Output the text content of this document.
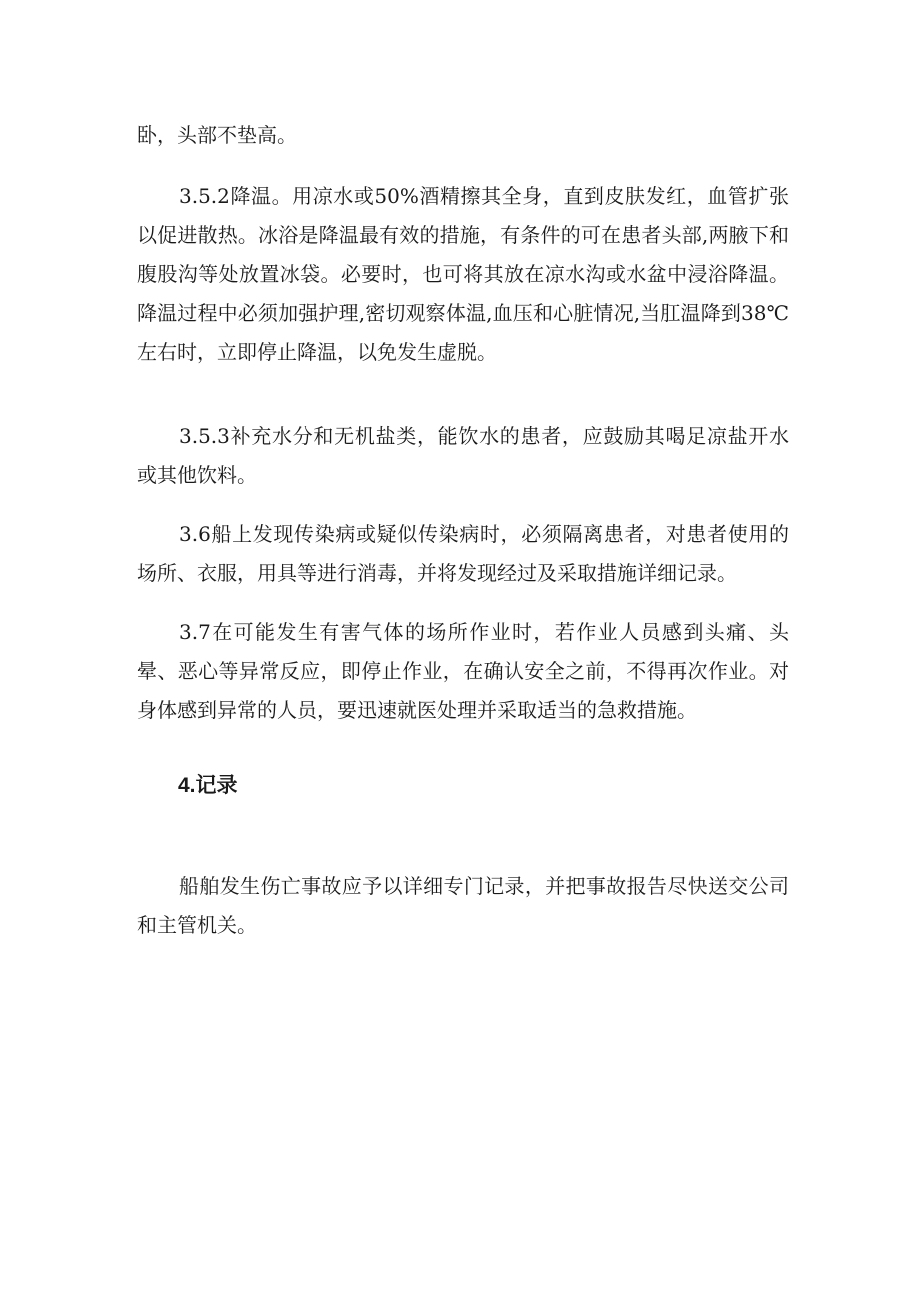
卧，头部不垫高。

3.5.2降温。用凉水或50%酒精擦其全身，直到皮肤发红，血管扩张以促进散热。冰浴是降温最有效的措施，有条件的可在患者头部,两腋下和腹股沟等处放置冰袋。必要时，也可将其放在凉水沟或水盆中浸浴降温。降温过程中必须加强护理,密切观察体温,血压和心脏情况,当肛温降到38℃左右时，立即停止降温，以免发生虚脱。

3.5.3补充水分和无机盐类，能饮水的患者，应鼓励其喝足凉盐开水或其他饮料。

3.6船上发现传染病或疑似传染病时，必须隔离患者，对患者使用的场所、衣服，用具等进行消毒，并将发现经过及采取措施详细记录。

3.7在可能发生有害气体的场所作业时，若作业人员感到头痛、头晕、恶心等异常反应，即停止作业，在确认安全之前，不得再次作业。对身体感到异常的人员，要迅速就医处理并采取适当的急救措施。

4.记录

船舶发生伤亡事故应予以详细专门记录，并把事故报告尽快送交公司和主管机关。
